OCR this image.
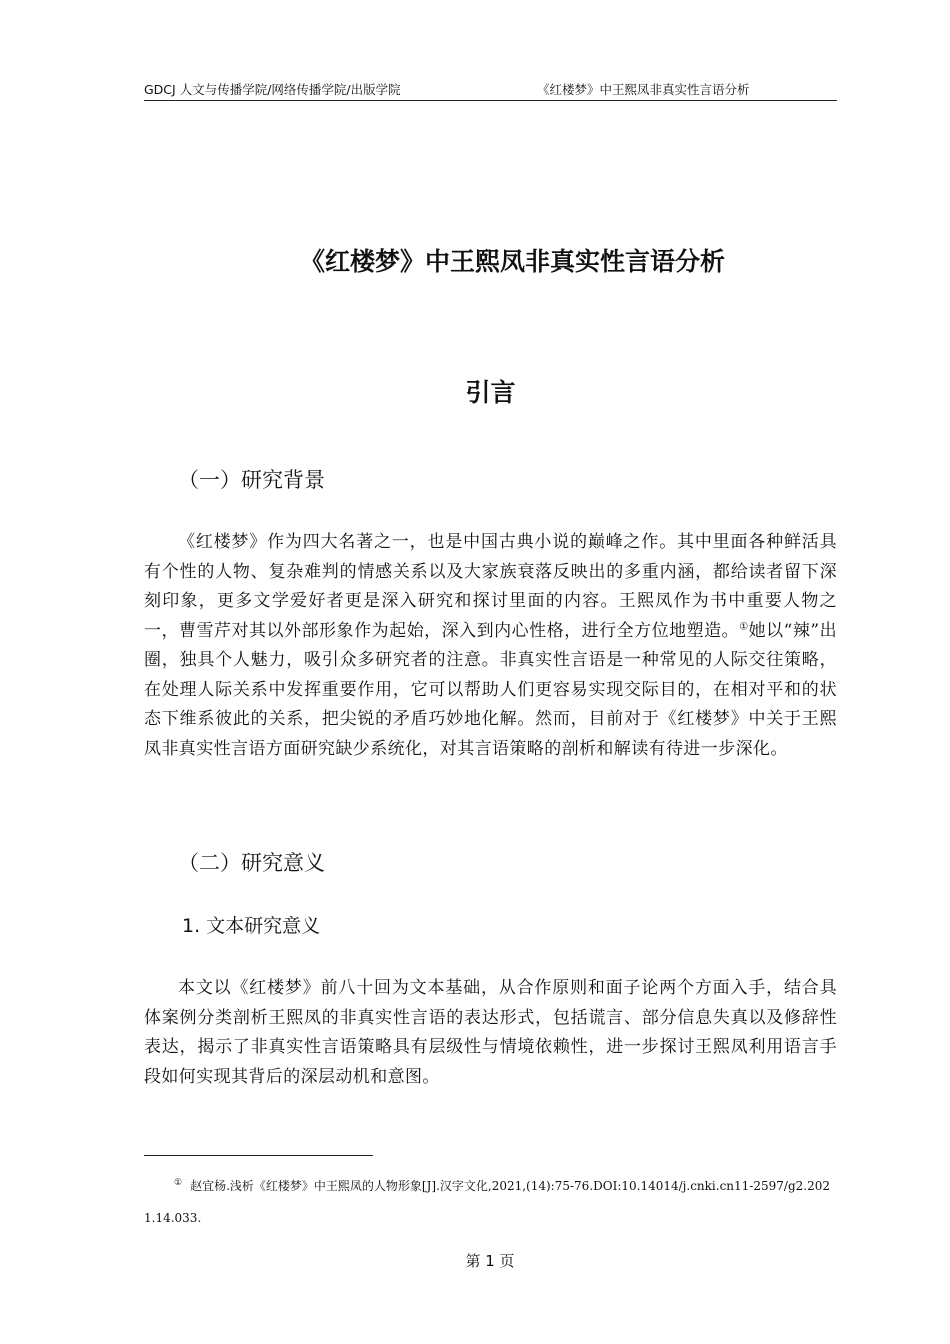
GDCJ 人文与传播学院/网络传播学院/出版学院	《红楼梦》中王熙凤非真实性言语分析
《红楼梦》中王熙凤非真实性言语分析
引言
（一）研究背景

《红楼梦》作为四大名著之一，也是中国古典小说的巅峰之作。其中里面各种鲜活具有个性的人物、复杂难判的情感关系以及大家族衰落反映出的多重内涵，都给读者留下深刻印象，更多文学爱好者更是深入研究和探讨里面的内容。王熙凤作为书中重要人物之一，曹雪芹对其以外部形象作为起始，深入到内心性格，进行全方位地塑造。①她以“辣”出圈，独具个人魅力，吸引众多研究者的注意。非真实性言语是一种常见的人际交往策略，在处理人际关系中发挥重要作用，它可以帮助人们更容易实现交际目的，在相对平和的状态下维系彼此的关系，把尖锐的矛盾巧妙地化解。然而，目前对于《红楼梦》中关于王熙凤非真实性言语方面研究缺少系统化，对其言语策略的剖析和解读有待进一步深化。

（二）研究意义
1. 文本研究意义

本文以《红楼梦》前八十回为文本基础，从合作原则和面子论两个方面入手，结合具体案例分类剖析王熙凤的非真实性言语的表达形式，包括谎言、部分信息失真以及修辞性表达，揭示了非真实性言语策略具有层级性与情境依赖性，进一步探讨王熙凤利用语言手段如何实现其背后的深层动机和意图。

① 赵宜杨.浅析《红楼梦》中王熙凤的人物形象[J].汉字文化,2021,(14):75-76.DOI:10.14014/j.cnki.cn11-2597/g2.2021.14.033.

第 1 页
